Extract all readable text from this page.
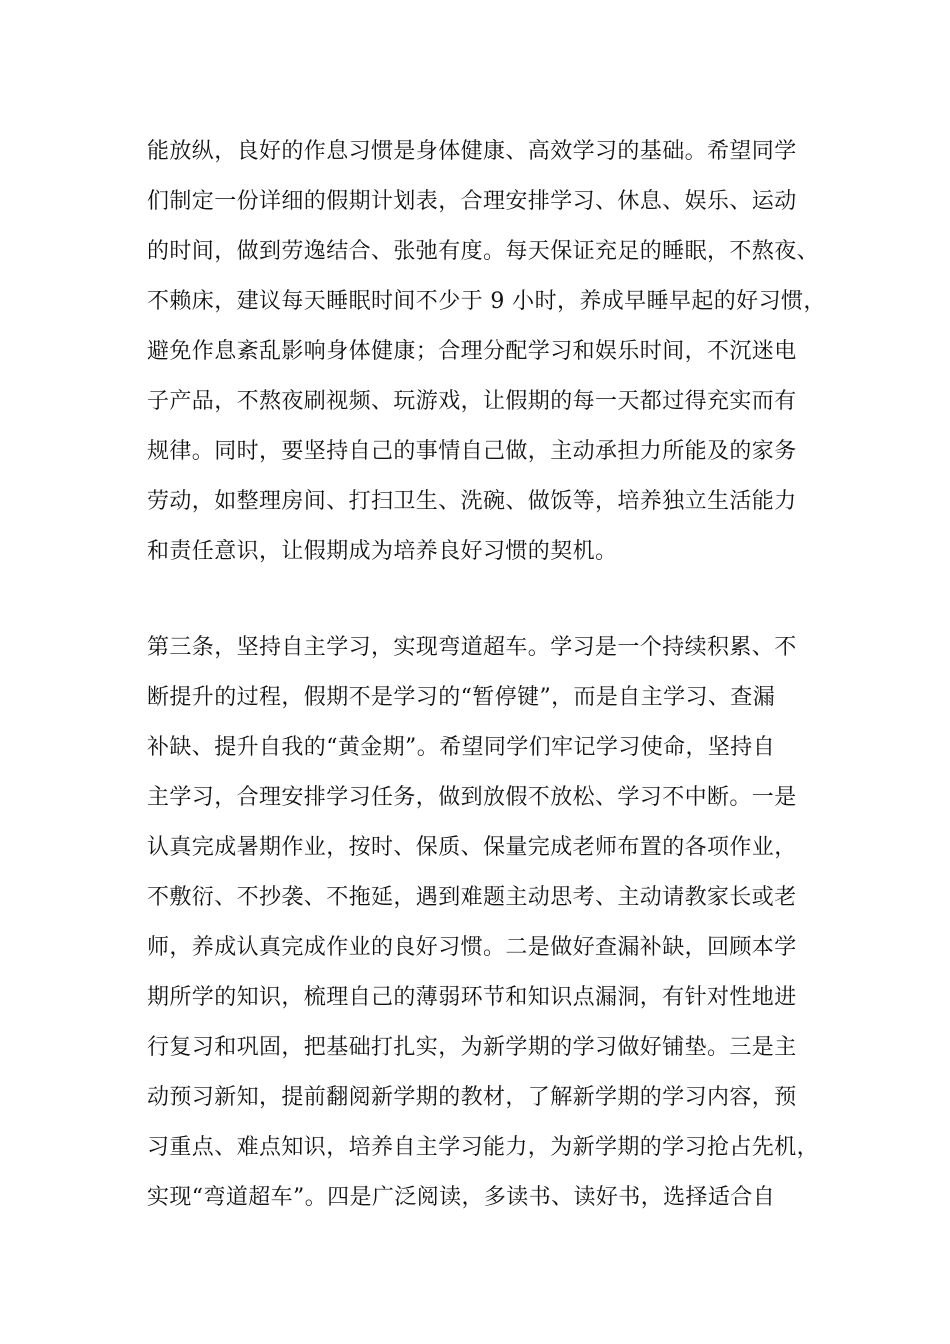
能放纵，良好的作息习惯是身体健康、高效学习的基础。希望同学
们制定一份详细的假期计划表，合理安排学习、休息、娱乐、运动
的时间，做到劳逸结合、张弛有度。每天保证充足的睡眠，不熬夜、
不赖床，建议每天睡眠时间不少于 9 小时，养成早睡早起的好习惯，
避免作息紊乱影响身体健康；合理分配学习和娱乐时间，不沉迷电
子产品，不熬夜刷视频、玩游戏，让假期的每一天都过得充实而有
规律。同时，要坚持自己的事情自己做，主动承担力所能及的家务
劳动，如整理房间、打扫卫生、洗碗、做饭等，培养独立生活能力
和责任意识，让假期成为培养良好习惯的契机。
第三条，坚持自主学习，实现弯道超车。学习是一个持续积累、不
断提升的过程，假期不是学习的“暂停键”，而是自主学习、查漏
补缺、提升自我的“黄金期”。希望同学们牢记学习使命，坚持自
主学习，合理安排学习任务，做到放假不放松、学习不中断。一是
认真完成暑期作业，按时、保质、保量完成老师布置的各项作业，
不敷衍、不抄袭、不拖延，遇到难题主动思考、主动请教家长或老
师，养成认真完成作业的良好习惯。二是做好查漏补缺，回顾本学
期所学的知识，梳理自己的薄弱环节和知识点漏洞，有针对性地进
行复习和巩固，把基础打扎实，为新学期的学习做好铺垫。三是主
动预习新知，提前翻阅新学期的教材，了解新学期的学习内容，预
习重点、难点知识，培养自主学习能力，为新学期的学习抢占先机，
实现“弯道超车”。四是广泛阅读，多读书、读好书，选择适合自
